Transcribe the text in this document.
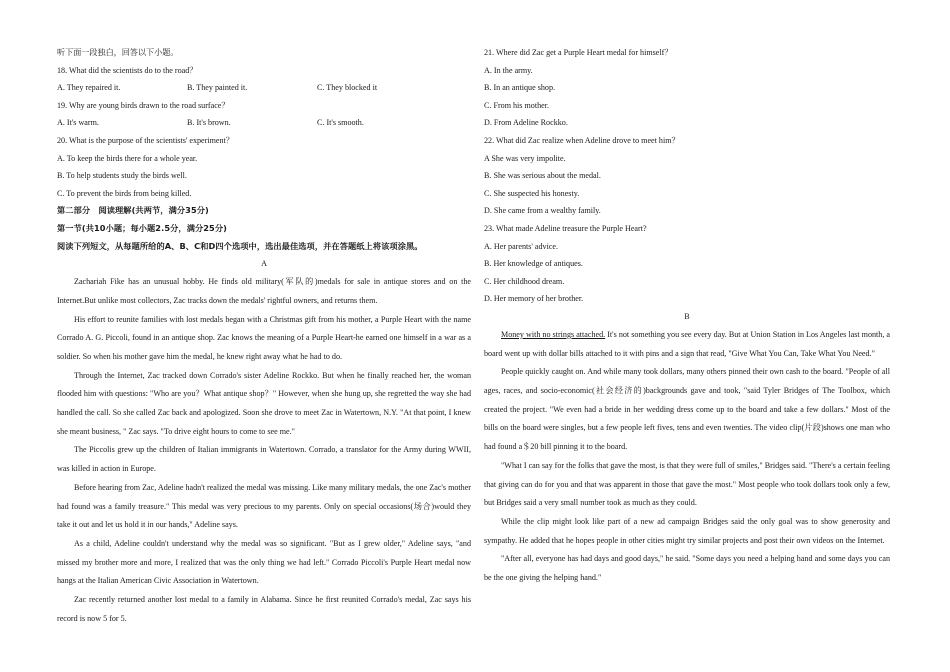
听下面一段独白，回答以下小题。

18. What did the scientists do to the road？

A. They repaired it.	B. They painted it.	C. They blocked it

19. Why are young birds drawn to the road surface？

A. It's warm.	B. It's brown.	C. It's smooth.

20. What is the purpose of the scientists' experiment？

A. To keep the birds there for a whole year.

B. To help students study the birds well.

C. To prevent the birds from being killed.

第二部分　阅读理解(共两节，满分35分)

第一节(共10小题；每小题2.5分，满分25分)

阅读下列短文，从每题所给的A、B、C和D四个选项中，选出最佳选项，并在答题纸上将该项涂黑。

A

Zachariah Fike has an unusual hobby. He finds old military(军队的)medals for sale in antique stores and on the Internet.But unlike most collectors, Zac tracks down the medals' rightful owners, and returns them.

His effort to reunite families with lost medals began with a Christmas gift from his mother, a Purple Heart with the name Corrado A. G. Piccoli, found in an antique shop. Zac knows the meaning of a Purple Heart-he earned one himself in a war as a soldier. So when his mother gave him the medal, he knew right away what he had to do.

Through the Internet, Zac tracked down Corrado's sister Adeline Rockko. But when he finally reached her, the woman flooded him with questions: "Who are you？What antique shop？" However, when she hung up, she regretted the way she had handled the call. So she called Zac back and apologized. Soon she drove to meet Zac in Watertown, N.Y. "At that point, I knew she meant business, " Zac says. "To drive eight hours to come to see me."

The Piccolis grew up the children of Italian immigrants in Watertown. Corrado, a translator for the Army during WWII, was killed in action in Europe.

Before hearing from Zac, Adeline hadn't realized the medal was missing. Like many military medals, the one Zac's mother had found was a family treasure." This medal was very precious to my parents. Only on special occasions(场合)would they take it out and let us hold it in our hands," Adeline says.

As a child, Adeline couldn't understand why the medal was so significant. "But as I grew older," Adeline says, "and missed my brother more and more, I realized that was the only thing we had left." Corrado Piccoli's Purple Heart medal now hangs at the Italian American Civic Association in Watertown.

Zac recently returned another lost medal to a family in Alabama. Since he first reunited Corrado's medal, Zac says his record is now 5 for 5.

21. Where did Zac get a Purple Heart medal for himself？

A. In the army.

B. In an antique shop.

C. From his mother.

D. From Adeline Rockko.

22. What did Zac realize when Adeline drove to meet him？

A She was very impolite.

B. She was serious about the medal.

C. She suspected his honesty.

D. She came from a wealthy family.

23. What made Adeline treasure the Purple Heart?

A. Her parents' advice.

B. Her knowledge of antiques.

C. Her childhood dream.

D. Her memory of her brother.

B

Money with no strings attached. It's not something you see every day. But at Union Station in Los Angeles last month, a board went up with dollar bills attached to it with pins and a sign that read, "Give What You Can, Take What You Need."

People quickly caught on. And while many took dollars, many others pinned their own cash to the board. "People of all ages, races, and socio-economic(社会经济的)backgrounds gave and took, "said Tyler Bridges of The Toolbox, which created the project. "We even had a bride in her wedding dress come up to the board and take a few dollars." Most of the bills on the board were singles, but a few people left fives, tens and even twenties. The video clip(片段)shows one man who had found a＄20 bill pinning it to the board.

"What I can say for the folks that gave the most, is that they were full of smiles," Bridges said. "There's a certain feeling that giving can do for you and that was apparent in those that gave the most." Most people who took dollars took only a few, but Bridges said a very small number took as much as they could.

While the clip might look like part of a new ad campaign Bridges said the only goal was to show generosity and sympathy. He added that he hopes people in other cities might try similar projects and post their own videos on the Internet.

"After all, everyone has had days and good days," he said. "Some days you need a helping hand and some days you can be the one giving the helping hand."
